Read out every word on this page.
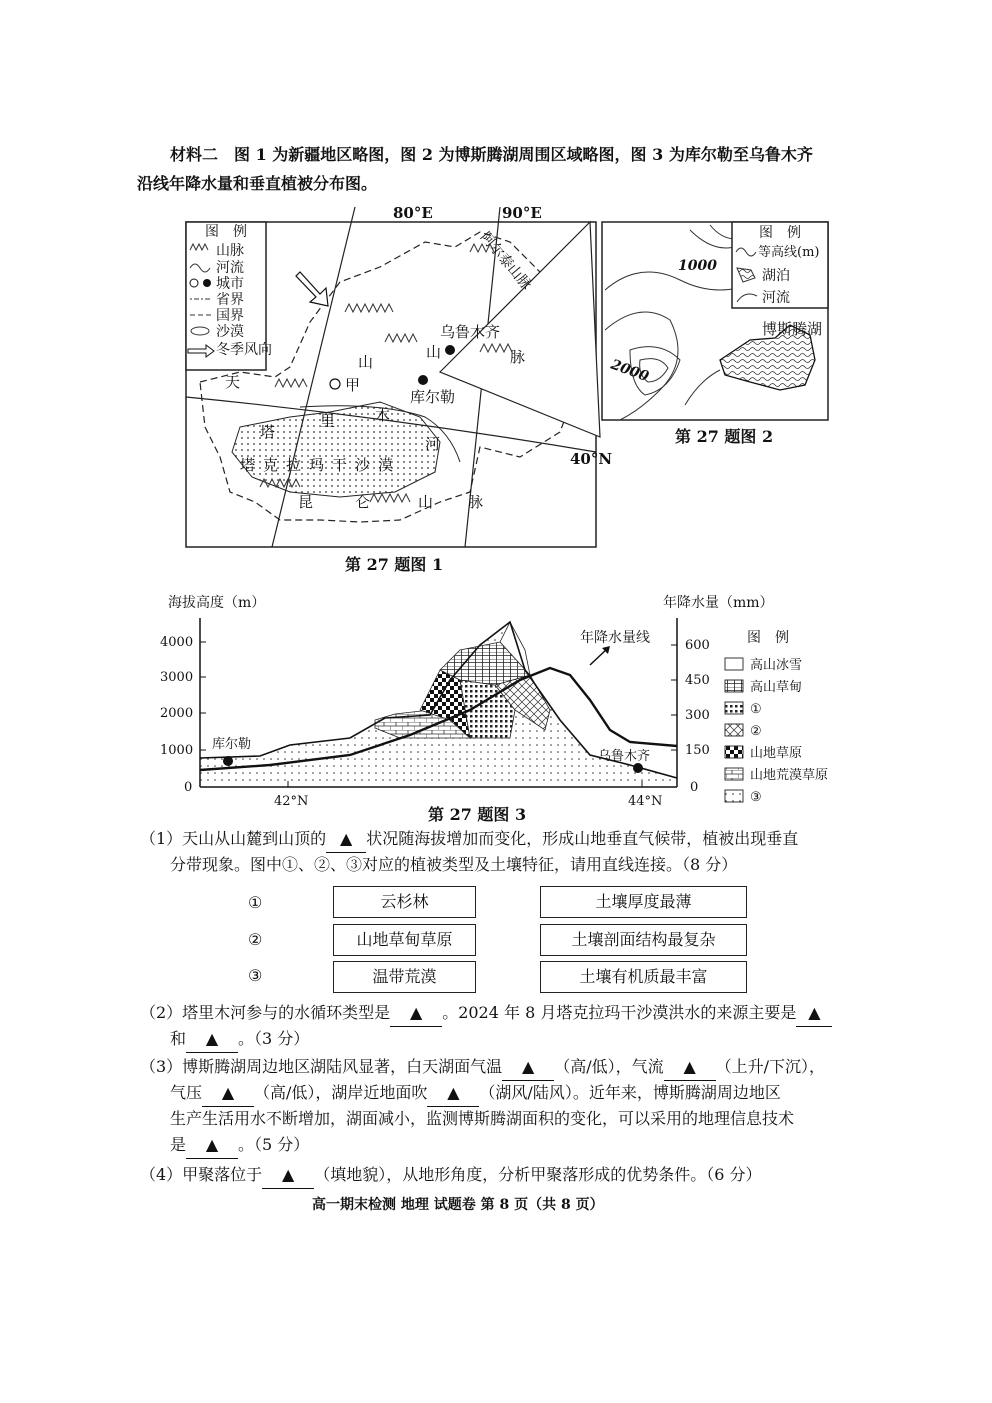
材料二　图 1 为新疆地区略图，图 2 为博斯腾湖周围区域略图，图 3 为库尔勒至乌鲁木齐
沿线年降水量和垂直植被分布图。
图　例
山脉
河流
城市
省界
国界
沙漠
冬季风向
80°E	90°E
40°N
乌鲁木齐
库尔勒
甲
天
山
山	脉
塔
里	木
河
塔克拉玛干沙漠
昆	仑	山 脉
阿尔泰山脉
第 27 题图 1
图　例
等高线(m)
湖泊
河流
1000
2000
博斯腾湖
第 27 题图 2
海拔高度（m）	年降水量（mm）
4000
3000
2000
1000
0
600
450
300
150
0
42°N	44°N
年降水量线
库尔勒
乌鲁木齐
图　例
高山冰雪
高山草甸
①
②
山地草原
山地荒漠草原
③
第 27 题图 3
（1）天山从山麓到山顶的 ▲ 状况随海拔增加而变化，形成山地垂直气候带，植被出现垂直
分带现象。图中①、②、③对应的植被类型及土壤特征，请用直线连接。（8 分）
①
②
③
云杉林
山地草甸草原
温带荒漠
土壤厚度最薄
土壤剖面结构最复杂
土壤有机质最丰富
（2）塔里木河参与的水循环类型是 ▲ 。2024 年 8 月塔克拉玛干沙漠洪水的来源主要是 ▲
和 ▲ 。（3 分）
（3）博斯腾湖周边地区湖陆风显著，白天湖面气温 ▲ （高/低），气流 ▲ （上升/下沉），
气压 ▲ （高/低），湖岸近地面吹 ▲ （湖风/陆风）。近年来，博斯腾湖周边地区
生产生活用水不断增加，湖面减小，监测博斯腾湖面积的变化，可以采用的地理信息技术
是 ▲ 。（5 分）
（4）甲聚落位于 ▲ （填地貌），从地形角度，分析甲聚落形成的优势条件。（6 分）
高一期末检测 地理 试题卷 第 8 页（共 8 页）
